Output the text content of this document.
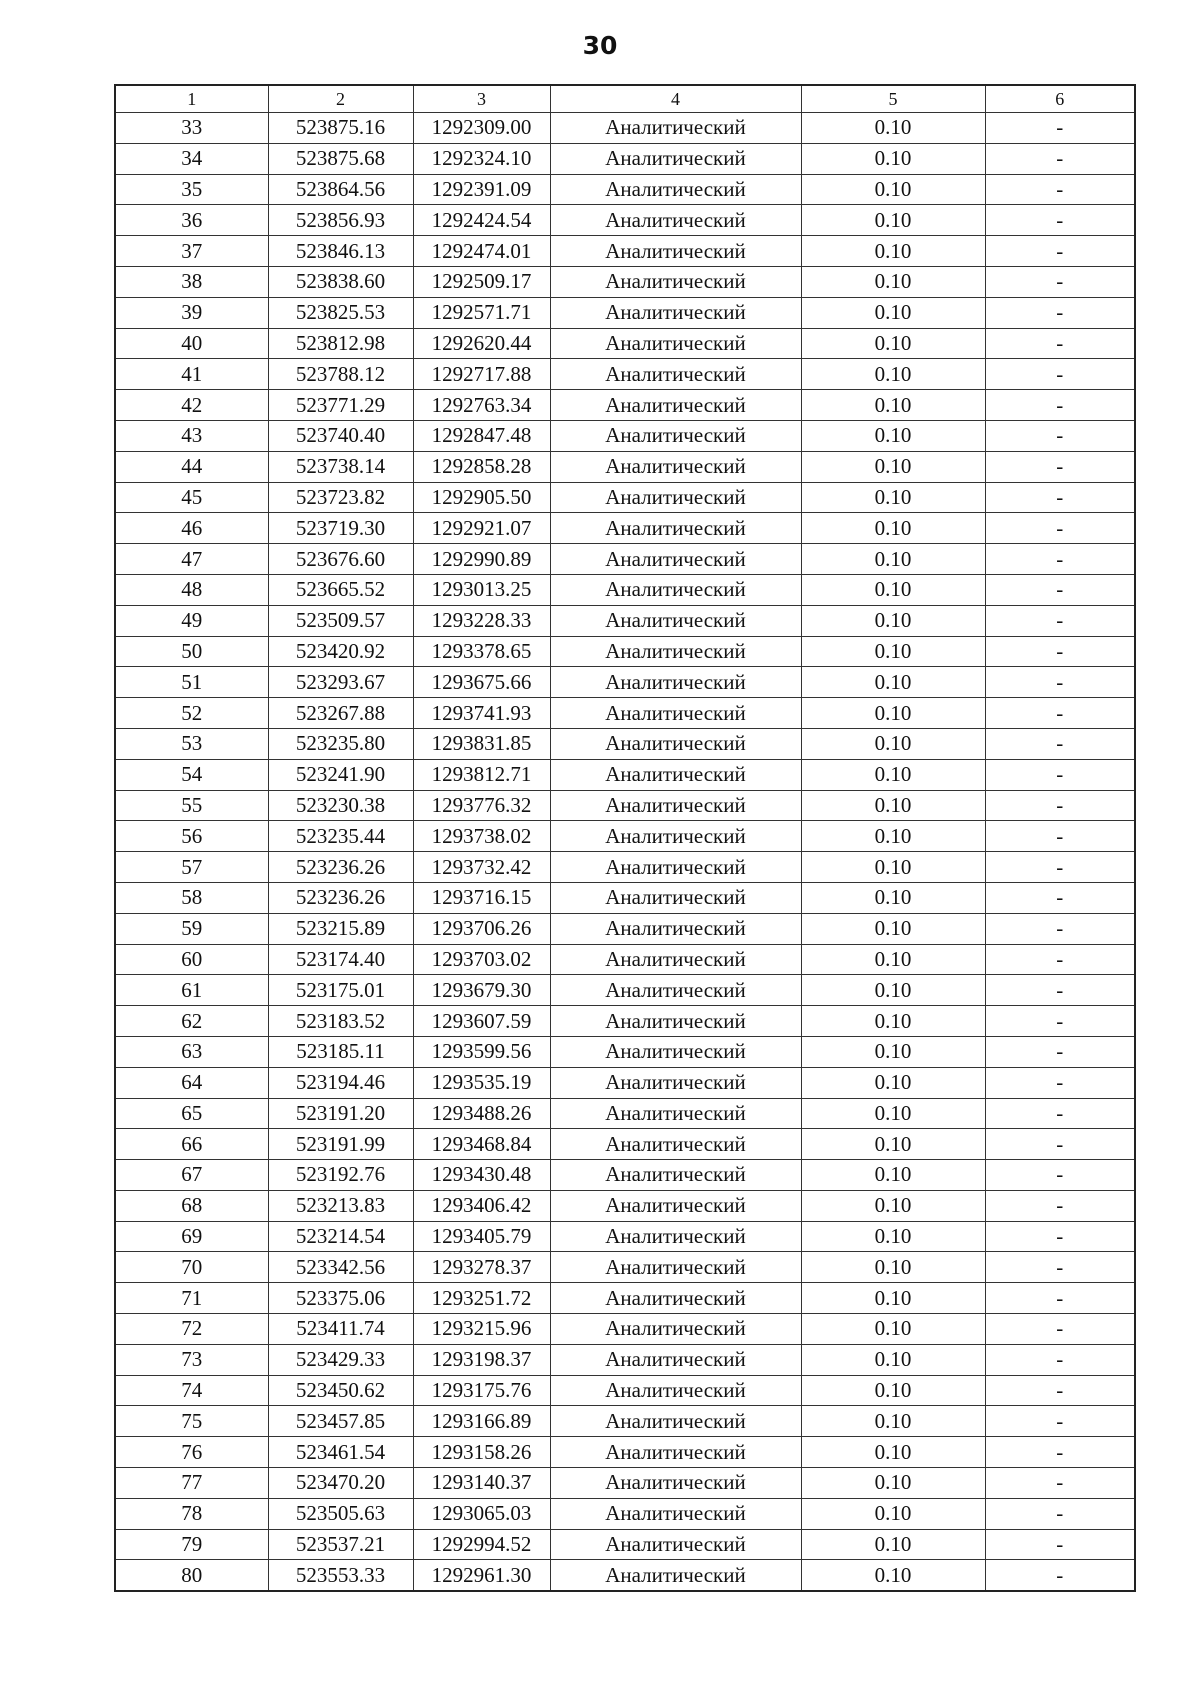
30
1	2	3	4	5	6
33	523875.16	1292309.00	Аналитический	0.10	-
34	523875.68	1292324.10	Аналитический	0.10	-
35	523864.56	1292391.09	Аналитический	0.10	-
36	523856.93	1292424.54	Аналитический	0.10	-
37	523846.13	1292474.01	Аналитический	0.10	-
38	523838.60	1292509.17	Аналитический	0.10	-
39	523825.53	1292571.71	Аналитический	0.10	-
40	523812.98	1292620.44	Аналитический	0.10	-
41	523788.12	1292717.88	Аналитический	0.10	-
42	523771.29	1292763.34	Аналитический	0.10	-
43	523740.40	1292847.48	Аналитический	0.10	-
44	523738.14	1292858.28	Аналитический	0.10	-
45	523723.82	1292905.50	Аналитический	0.10	-
46	523719.30	1292921.07	Аналитический	0.10	-
47	523676.60	1292990.89	Аналитический	0.10	-
48	523665.52	1293013.25	Аналитический	0.10	-
49	523509.57	1293228.33	Аналитический	0.10	-
50	523420.92	1293378.65	Аналитический	0.10	-
51	523293.67	1293675.66	Аналитический	0.10	-
52	523267.88	1293741.93	Аналитический	0.10	-
53	523235.80	1293831.85	Аналитический	0.10	-
54	523241.90	1293812.71	Аналитический	0.10	-
55	523230.38	1293776.32	Аналитический	0.10	-
56	523235.44	1293738.02	Аналитический	0.10	-
57	523236.26	1293732.42	Аналитический	0.10	-
58	523236.26	1293716.15	Аналитический	0.10	-
59	523215.89	1293706.26	Аналитический	0.10	-
60	523174.40	1293703.02	Аналитический	0.10	-
61	523175.01	1293679.30	Аналитический	0.10	-
62	523183.52	1293607.59	Аналитический	0.10	-
63	523185.11	1293599.56	Аналитический	0.10	-
64	523194.46	1293535.19	Аналитический	0.10	-
65	523191.20	1293488.26	Аналитический	0.10	-
66	523191.99	1293468.84	Аналитический	0.10	-
67	523192.76	1293430.48	Аналитический	0.10	-
68	523213.83	1293406.42	Аналитический	0.10	-
69	523214.54	1293405.79	Аналитический	0.10	-
70	523342.56	1293278.37	Аналитический	0.10	-
71	523375.06	1293251.72	Аналитический	0.10	-
72	523411.74	1293215.96	Аналитический	0.10	-
73	523429.33	1293198.37	Аналитический	0.10	-
74	523450.62	1293175.76	Аналитический	0.10	-
75	523457.85	1293166.89	Аналитический	0.10	-
76	523461.54	1293158.26	Аналитический	0.10	-
77	523470.20	1293140.37	Аналитический	0.10	-
78	523505.63	1293065.03	Аналитический	0.10	-
79	523537.21	1292994.52	Аналитический	0.10	-
80	523553.33	1292961.30	Аналитический	0.10	-
